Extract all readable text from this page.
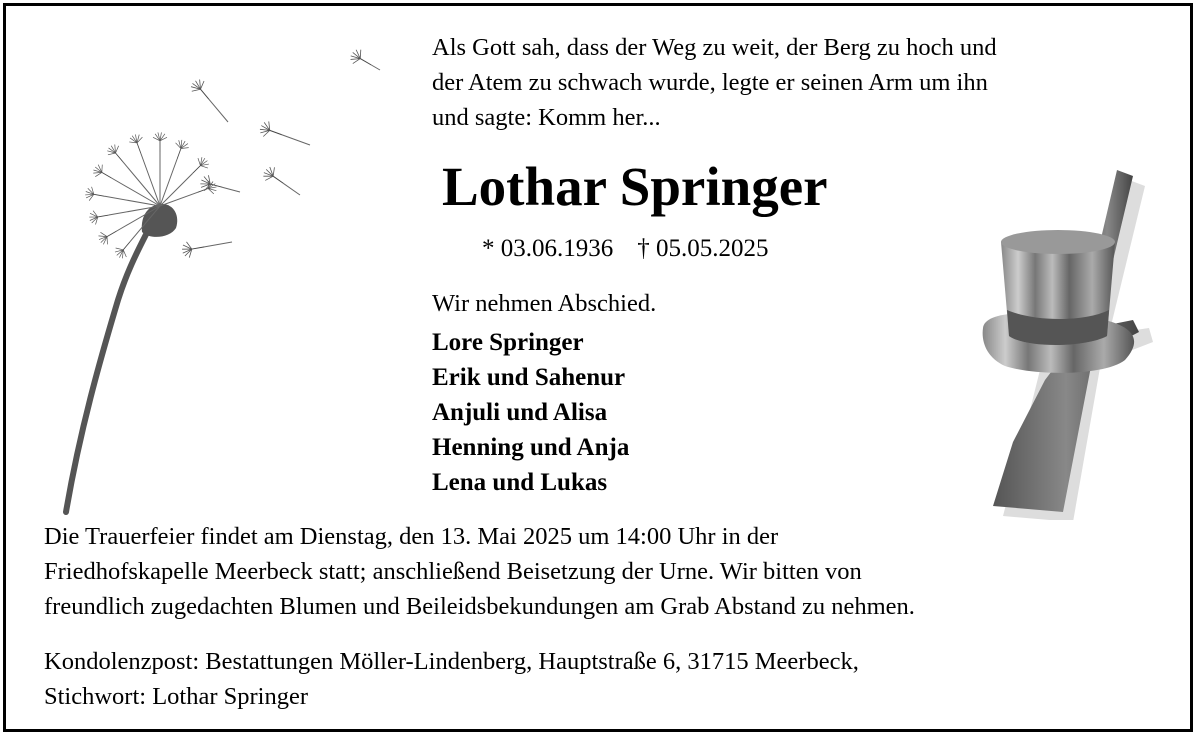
Als Gott sah, dass der Weg zu weit, der Berg zu hoch und
der Atem zu schwach wurde, legte er seinen Arm um ihn
und sagte: Komm her...
Lothar Springer
* 03.06.1936 † 05.05.2025
Wir nehmen Abschied.
Lore Springer
Erik und Sahenur
Anjuli und Alisa
Henning und Anja
Lena und Lukas
Die Trauerfeier findet am Dienstag, den 13. Mai 2025 um 14:00 Uhr in der
Friedhofskapelle Meerbeck statt; anschließend Beisetzung der Urne. Wir bitten von
freundlich zugedachten Blumen und Beileidsbekundungen am Grab Abstand zu nehmen.
Kondolenzpost: Bestattungen Möller-Lindenberg, Hauptstraße 6, 31715 Meerbeck,
Stichwort: Lothar Springer
